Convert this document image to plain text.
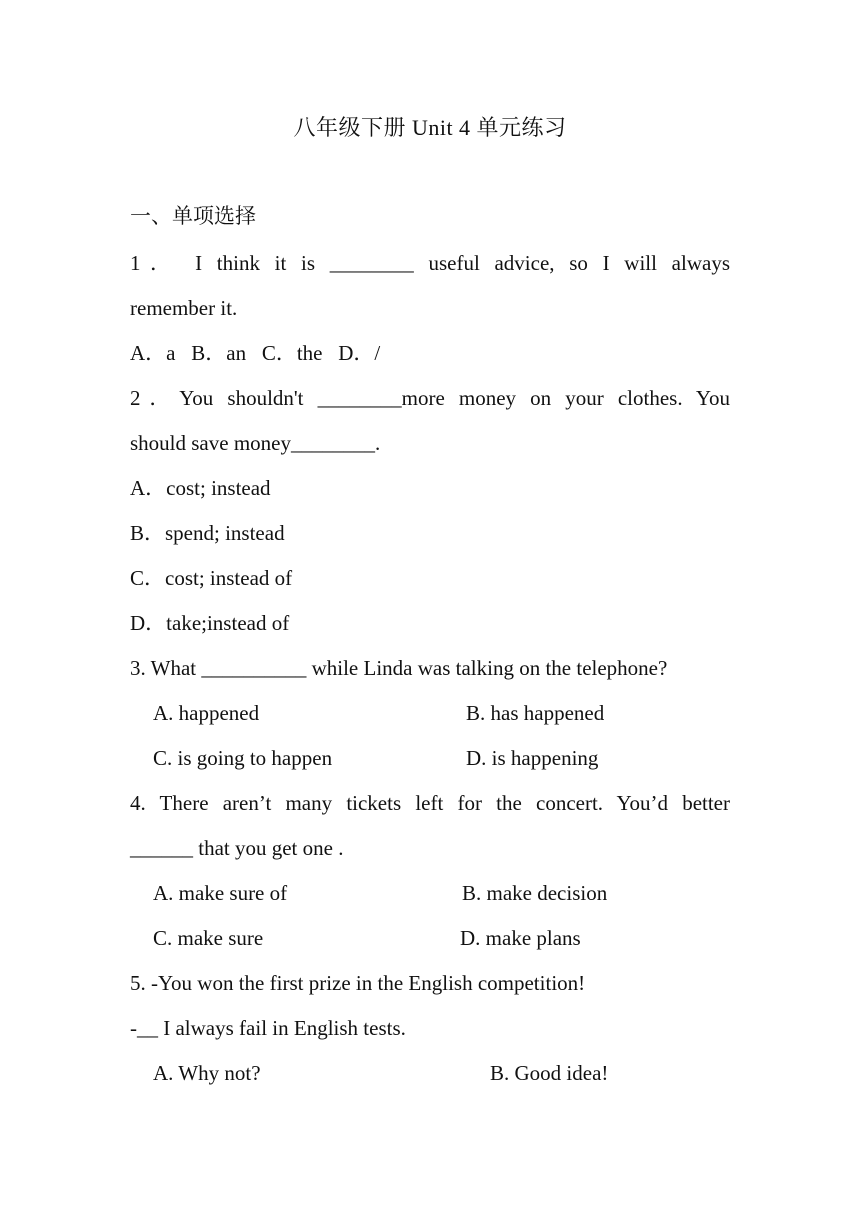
八年级下册 Unit 4 单元练习
一、单项选择
1． I think it is ________ useful advice, so I will always
remember it.
A．a   B．an   C．the   D．/
2．You shouldn't ________more money on your clothes. You
should save money________.
A．cost; instead
B．spend; instead
C．cost; instead of
D．take;instead of
3. What __________ while Linda was talking on the telephone?
A. happened	B. has happened
C. is going to happen	D. is happening
4. There aren’t many tickets left for the concert. You’d better
______ that you get one .
A. make sure of	B. make decision
C. make sure	D. make plans
5. -You won the first prize in the English competition!
-__ I always fail in English tests.
A. Why not?	B. Good idea!
